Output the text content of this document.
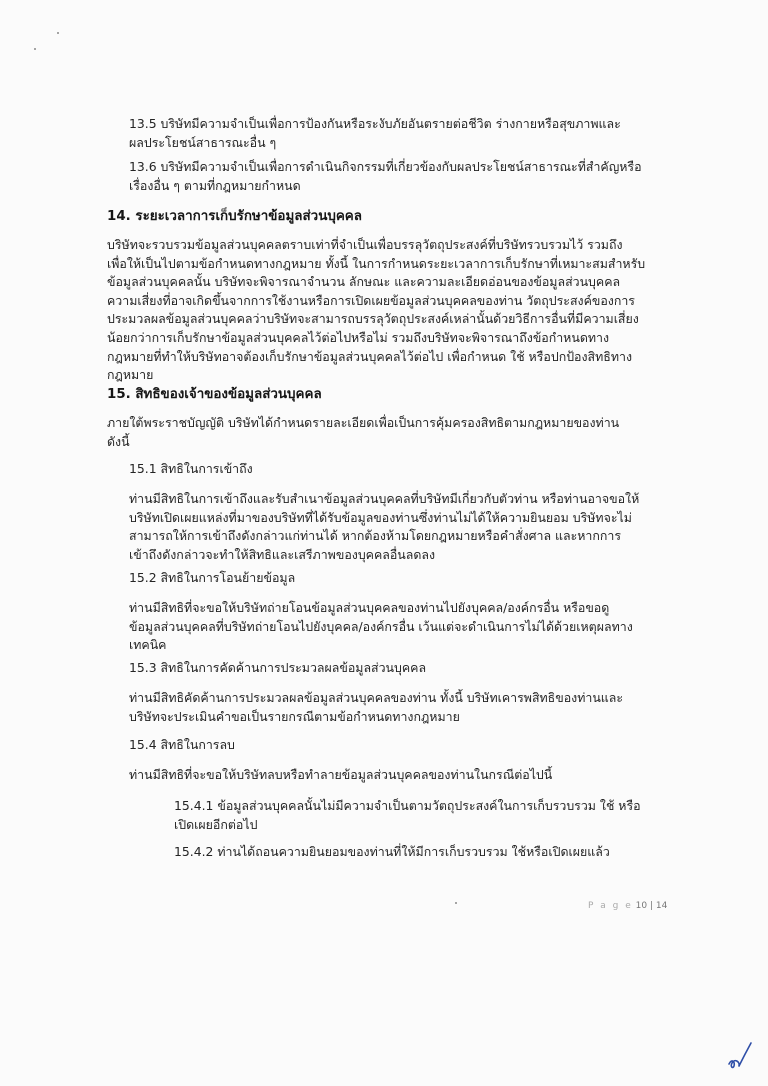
13.5 บริษัทมีความจำเป็นเพื่อการป้องกันหรือระงับภัยอันตรายต่อชีวิต ร่างกายหรือสุขภาพและ
ผลประโยชน์สาธารณะอื่น ๆ
13.6 บริษัทมีความจำเป็นเพื่อการดำเนินกิจกรรมที่เกี่ยวข้องกับผลประโยชน์สาธารณะที่สำคัญหรือ
เรื่องอื่น ๆ ตามที่กฎหมายกำหนด
14. ระยะเวลาการเก็บรักษาข้อมูลส่วนบุคคล
บริษัทจะรวบรวมข้อมูลส่วนบุคคลตราบเท่าที่จำเป็นเพื่อบรรลุวัตถุประสงค์ที่บริษัทรวบรวมไว้ รวมถึง
เพื่อให้เป็นไปตามข้อกำหนดทางกฎหมาย ทั้งนี้ ในการกำหนดระยะเวลาการเก็บรักษาที่เหมาะสมสำหรับ
ข้อมูลส่วนบุคคลนั้น บริษัทจะพิจารณาจำนวน ลักษณะ และความละเอียดอ่อนของข้อมูลส่วนบุคคล
ความเสี่ยงที่อาจเกิดขึ้นจากการใช้งานหรือการเปิดเผยข้อมูลส่วนบุคคลของท่าน วัตถุประสงค์ของการ
ประมวลผลข้อมูลส่วนบุคคลว่าบริษัทจะสามารถบรรลุวัตถุประสงค์เหล่านั้นด้วยวิธีการอื่นที่มีความเสี่ยง
น้อยกว่าการเก็บรักษาข้อมูลส่วนบุคคลไว้ต่อไปหรือไม่ รวมถึงบริษัทจะพิจารณาถึงข้อกำหนดทาง
กฎหมายที่ทำให้บริษัทอาจต้องเก็บรักษาข้อมูลส่วนบุคคลไว้ต่อไป เพื่อกำหนด ใช้ หรือปกป้องสิทธิทาง
กฎหมาย
15. สิทธิของเจ้าของข้อมูลส่วนบุคคล
ภายใต้พระราชบัญญัติ บริษัทได้กำหนดรายละเอียดเพื่อเป็นการคุ้มครองสิทธิตามกฎหมายของท่าน
ดังนี้
15.1 สิทธิในการเข้าถึง
ท่านมีสิทธิในการเข้าถึงและรับสำเนาข้อมูลส่วนบุคคลที่บริษัทมีเกี่ยวกับตัวท่าน หรือท่านอาจขอให้
บริษัทเปิดเผยแหล่งที่มาของบริษัทที่ได้รับข้อมูลของท่านซึ่งท่านไม่ได้ให้ความยินยอม บริษัทจะไม่
สามารถให้การเข้าถึงดังกล่าวแก่ท่านได้ หากต้องห้ามโดยกฎหมายหรือคำสั่งศาล และหากการ
เข้าถึงดังกล่าวจะทำให้สิทธิและเสรีภาพของบุคคลอื่นลดลง
15.2 สิทธิในการโอนย้ายข้อมูล
ท่านมีสิทธิที่จะขอให้บริษัทถ่ายโอนข้อมูลส่วนบุคคลของท่านไปยังบุคคล/องค์กรอื่น หรือขอดู
ข้อมูลส่วนบุคคลที่บริษัทถ่ายโอนไปยังบุคคล/องค์กรอื่น เว้นแต่จะดำเนินการไม่ได้ด้วยเหตุผลทาง
เทคนิค
15.3 สิทธิในการคัดค้านการประมวลผลข้อมูลส่วนบุคคล
ท่านมีสิทธิคัดค้านการประมวลผลข้อมูลส่วนบุคคลของท่าน ทั้งนี้ บริษัทเคารพสิทธิของท่านและ
บริษัทจะประเมินคำขอเป็นรายกรณีตามข้อกำหนดทางกฎหมาย
15.4 สิทธิในการลบ
ท่านมีสิทธิที่จะขอให้บริษัทลบหรือทำลายข้อมูลส่วนบุคคลของท่านในกรณีต่อไปนี้
15.4.1 ข้อมูลส่วนบุคคลนั้นไม่มีความจำเป็นตามวัตถุประสงค์ในการเก็บรวบรวม ใช้ หรือ
เปิดเผยอีกต่อไป
15.4.2 ท่านได้ถอนความยินยอมของท่านที่ให้มีการเก็บรวบรวม ใช้หรือเปิดเผยแล้ว
P a g e 10 | 14
